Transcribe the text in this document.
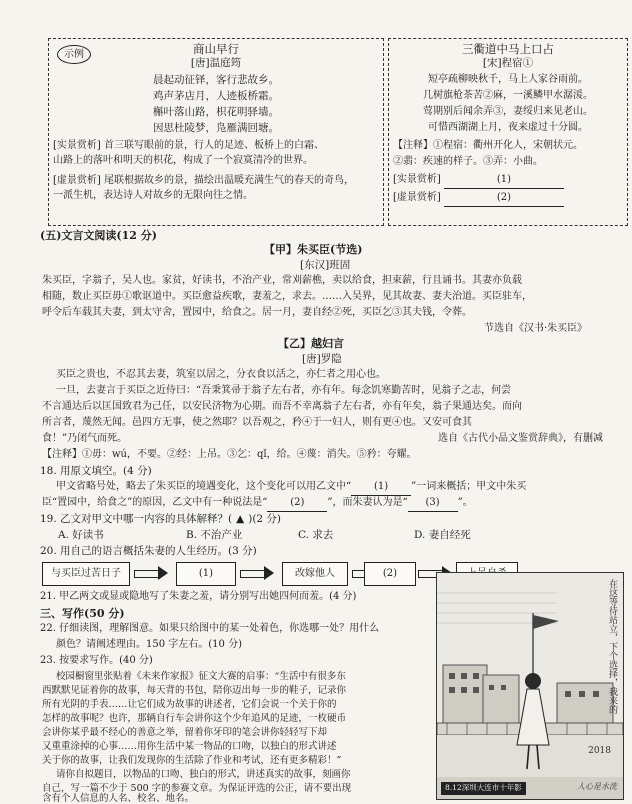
示例	商山早行
[唐]温庭筠
晨起动征铎，客行悲故乡。
鸡声茅店月，人迹板桥霜。
槲叶落山路，枳花明驿墙。
因思杜陵梦，凫雁满回塘。
[实景赏析] 首三联写眼前的景，行人的足迹、板桥上的白霜、
山路上的落叶和明天的枳花，构成了一个寂寞清冷的世界。
[虚景赏析] 尾联根据故乡的景，描绘出温暖充满生气的春天的奇鸟，
一派生机，表达诗人对故乡的无限向往之情。
三衢道中马上口占
[宋]程宿①
短亭疏柳映秋千，马上人家谷雨前。
几树旗枪茶苦②麻，一溪鳞甲水潺湲。
莺期别后闻余弄③，妻绥归来见老山。
可惜西湖湖上月，夜来虚过十分圆。
【注释】①程宿：衢州开化人，宋朝状元。
②翡：疾速的样子。③弄：小曲。
[实景赏析]	(1)
[虚景赏析]	(2)
(五)文言文阅读(12 分)
【甲】朱买臣(节选)
[东汉]班固
朱买臣，字翁子，吴人也。家贫，好读书，不治产业，常刈薪樵，卖以给食，担束薪，行且诵书。其妻亦负载
相随，数止买臣毋①歌讴道中。买臣愈益疾歌，妻羞之，求去。……入吴界，见其故妻、妻夫治道。买臣驻车，
呼令后车载其夫妻，到太守舍，置园中，给食之。居一月，妻自经②死，买臣乞③其夫钱，令葬。
节选自《汉书·朱买臣》
【乙】越妇言
[唐]罗隐
买臣之贵也，不忍其去妻，筑室以居之，分衣食以活之，亦仁者之用心也。
一旦，去妻言于买臣之近侍曰：“吾秉箕帚于翁子左右者，亦有年。每念饥寒勤苦时，见翁子之志，何尝
不言通达后以匡国致君为己任，以安民济物为心期。而吾不幸离翁子左右者，亦有年矣，翁子果通达矣。而向
所言者，蔑然无闻。邑四方无事，使之然耶？以吾观之，矜④于一妇人，则有更④也。又安可食其
食！”乃闭气而死。	选自《古代小品文鉴赏辞典》，有删减
【注释】①毋：wú，不要。②经：上吊。③乞：qǐ，给。④蔑：消失。⑤矜：夸耀。
18. 用原文填空。(4 分)
甲文省略号处，略去了朱买臣的境遇变化，这个变化可以用乙文中“ (1) ”一词来概括；甲文中朱买
臣“置园中，给食之”的原因，乙文中有一种说法是“ (2) ”，而朱妻认为是“ (3) ”。
19. 乙文对甲文中哪一内容的具体解释？( ▲ )(2 分)
A. 好读书	B. 不治产业	C. 求去	D. 妻自经死
20. 用自己的语言概括朱妻的人生经历。(3 分)
与买臣过苦日子	(1)	改嫁他人	(2)
21. 甲乙两文或显或隐地写了朱妻之羞，请分别写出她四何而羞。(4 分)
三、写作(50 分)
22. 仔细读图，理解图意。如果只给图中的某一处着色，你选哪一处？用什么
颜色？请阐述理由。150 字左右。(10 分)
23. 按要求写作。(40 分)
校园橱窗里张贴着《未来作家报》征文大赛的启事：“生活中有很多东
西默默见证着你的故事，每天背的书包，陪你迈出每一步的鞋子，记录你
所有光阴的手表……让它们成为故事的讲述者，它们会说一个关于你的
怎样的故事呢？也许，那辆自行车会讲你这个少年追风的足迹，一枚硬币
会讲你某乎最不经心的善意之举，留着你牙印的笔会讲你轻轻写下却
又重重涂掉的心事……用你生活中某一物品的口吻，以独白的形式讲述
关于你的故事，让我们发现你的生活除了作业和考试，还有更多精彩！”
请你自拟题目，以物品的口吻、独白的形式，讲述真实的故事，刻画你
自己，写一篇不少于 500 字的参赛文章。为保证评选的公正，请不要出现
含有个人信息的人名、校名、地名。
在这等待站立，下个选择，我来的
2018
8.12深圳大连市十年影	人心是水洗
